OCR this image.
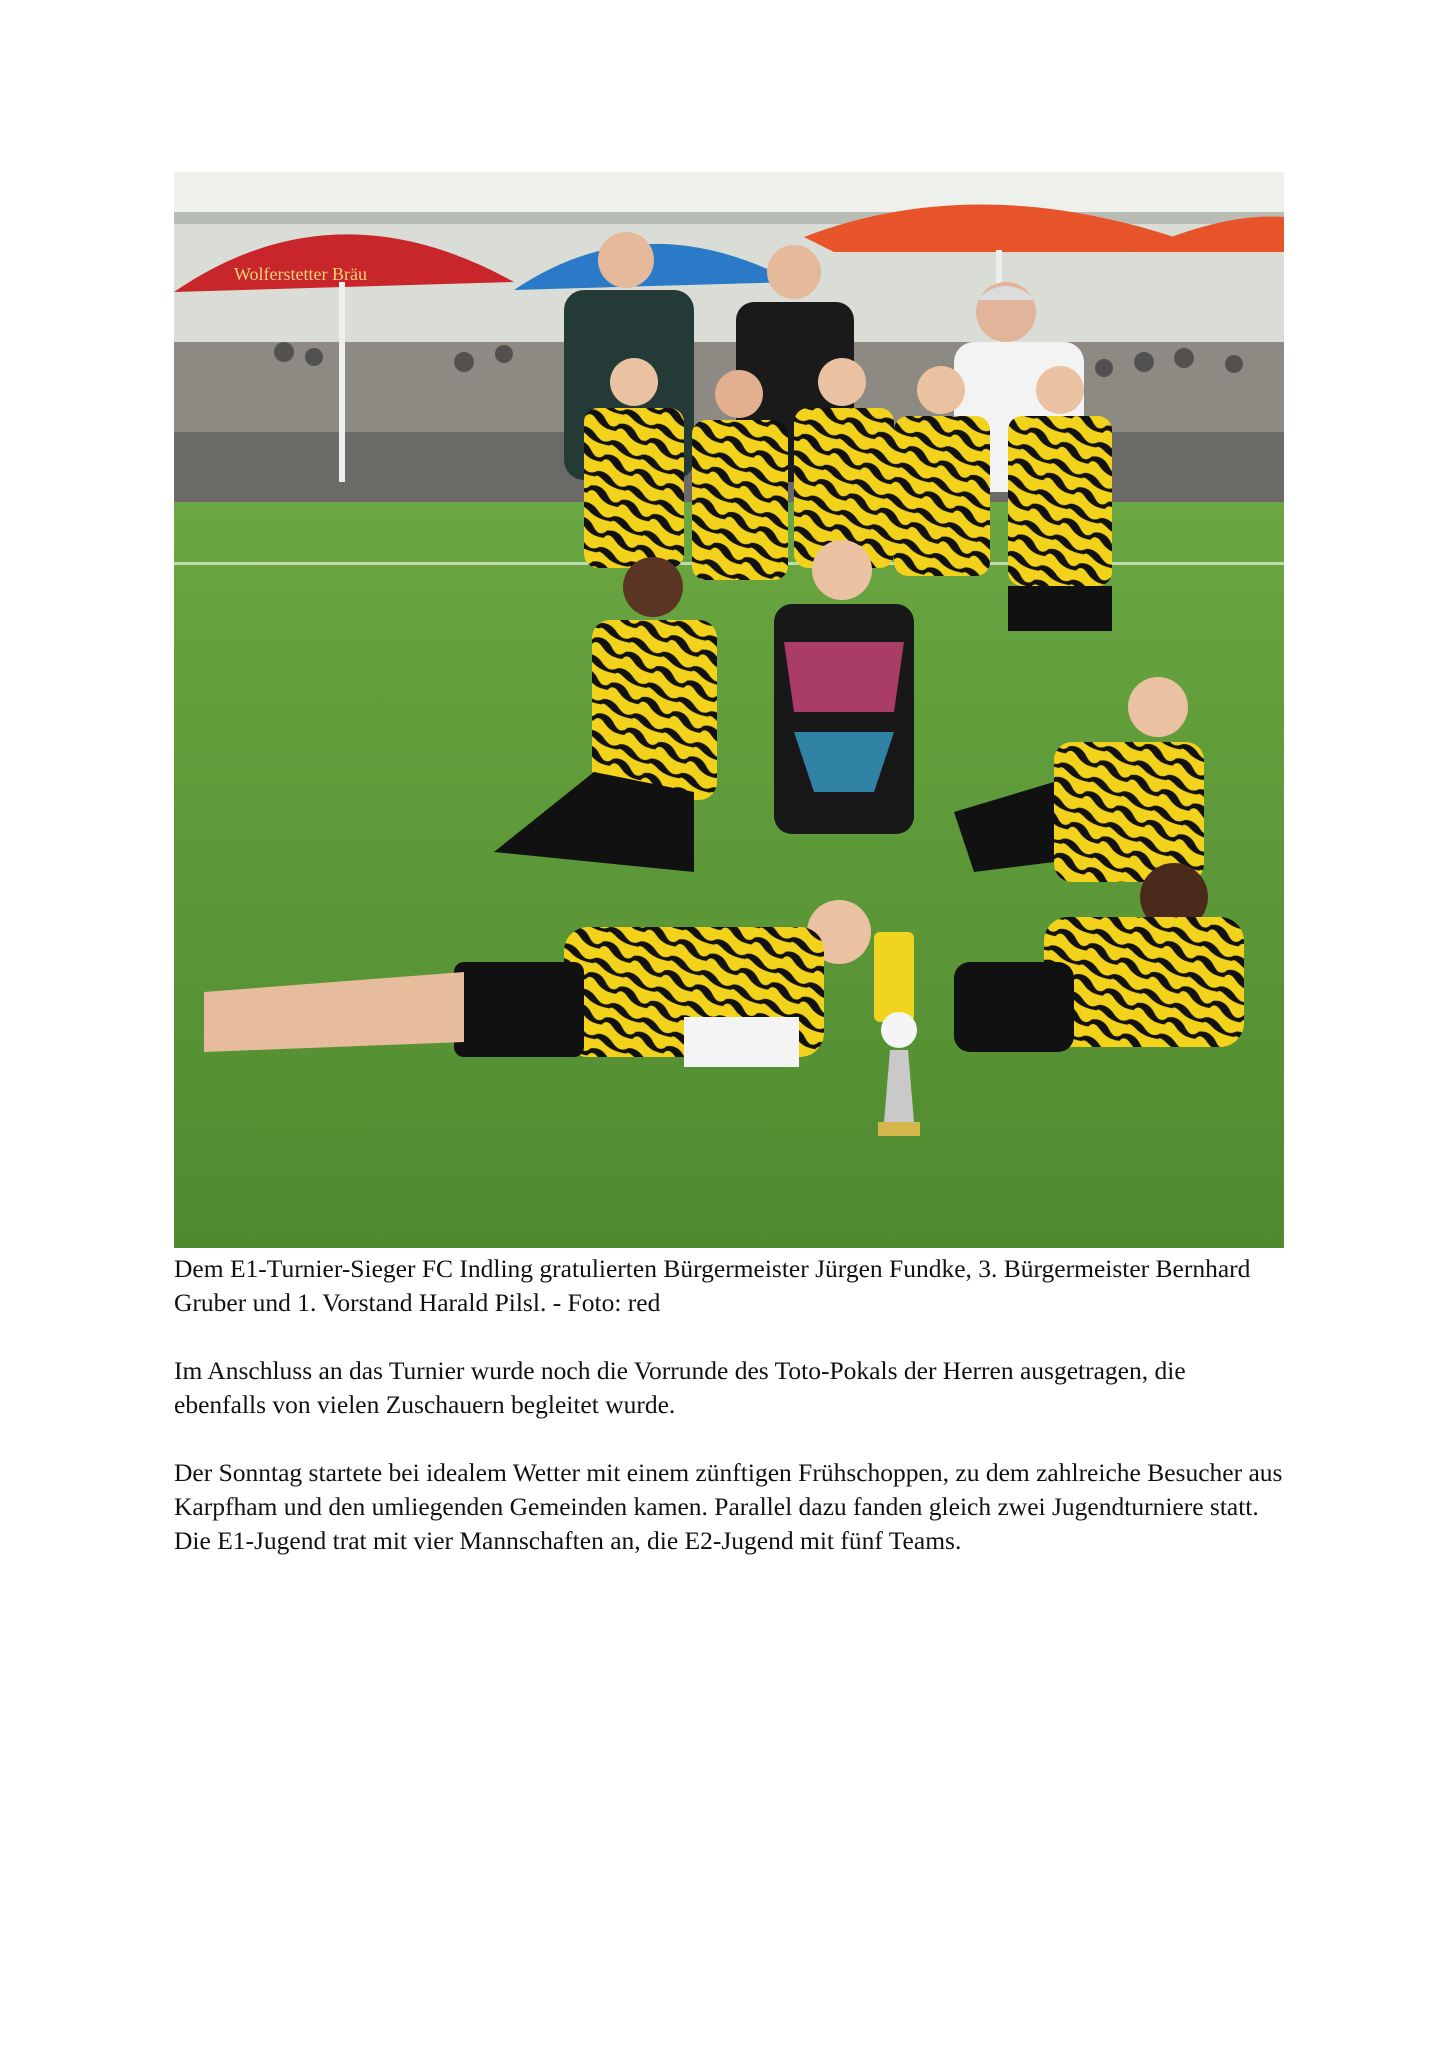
Wolferstetter Bräu

Dem E1-Turnier-Sieger FC Indling gratulierten Bürgermeister Jürgen Fundke, 3. Bürgermeister Bernhard Gruber und 1. Vorstand Harald Pilsl. - Foto: red

Im Anschluss an das Turnier wurde noch die Vorrunde des Toto-Pokals der Herren ausgetragen, die ebenfalls von vielen Zuschauern begleitet wurde.

Der Sonntag startete bei idealem Wetter mit einem zünftigen Frühschoppen, zu dem zahlreiche Besucher aus Karpfham und den umliegenden Gemeinden kamen. Parallel dazu fanden gleich zwei Jugendturniere statt. Die E1-Jugend trat mit vier Mannschaften an, die E2-Jugend mit fünf Teams.
